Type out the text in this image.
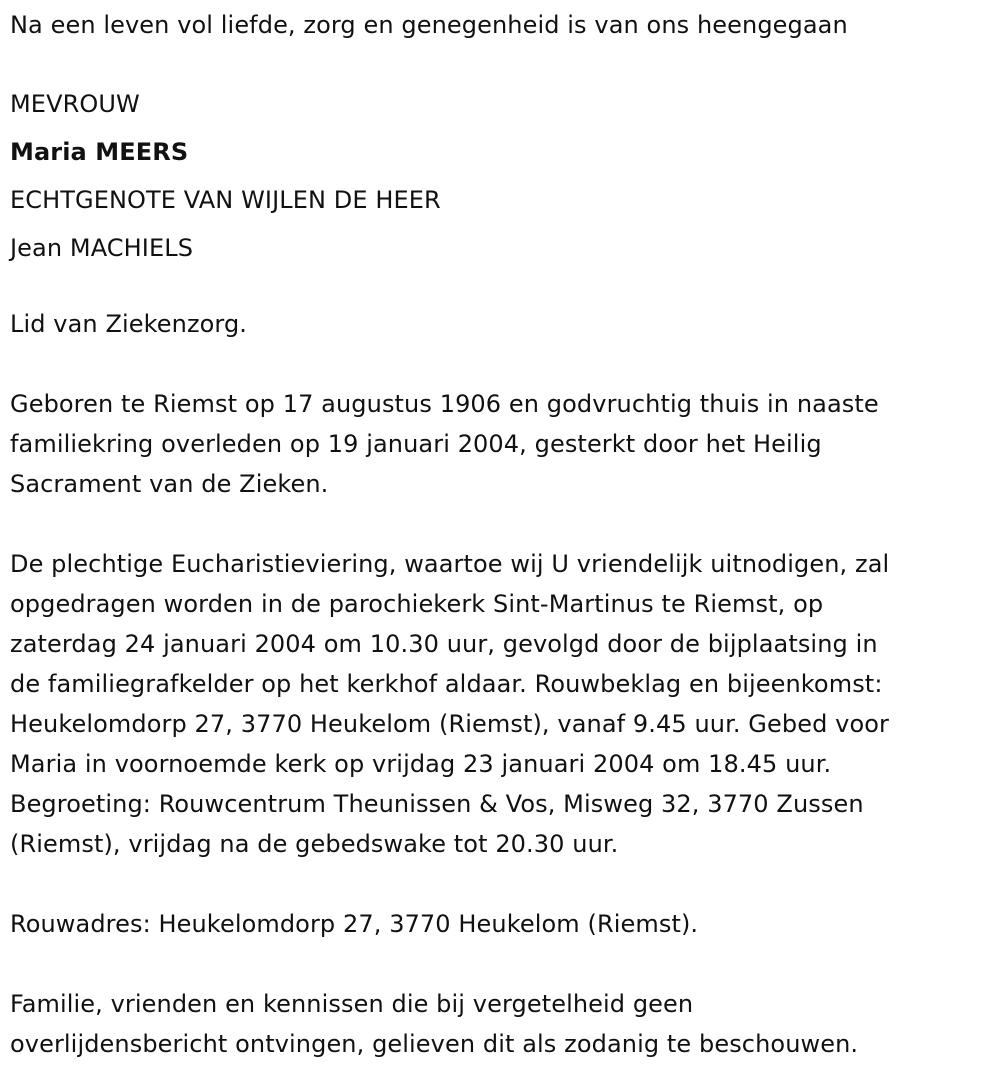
Na een leven vol liefde, zorg en genegenheid is van ons heengegaan
MEVROUW
Maria MEERS
ECHTGENOTE VAN WIJLEN DE HEER
Jean MACHIELS
Lid van Ziekenzorg.
Geboren te Riemst op 17 augustus 1906 en godvruchtig thuis in naaste
familiekring overleden op 19 januari 2004, gesterkt door het Heilig
Sacrament van de Zieken.
De plechtige Eucharistieviering, waartoe wij U vriendelijk uitnodigen, zal
opgedragen worden in de parochiekerk Sint-Martinus te Riemst, op
zaterdag 24 januari 2004 om 10.30 uur, gevolgd door de bijplaatsing in
de familiegrafkelder op het kerkhof aldaar. Rouwbeklag en bijeenkomst:
Heukelomdorp 27, 3770 Heukelom (Riemst), vanaf 9.45 uur. Gebed voor
Maria in voornoemde kerk op vrijdag 23 januari 2004 om 18.45 uur.
Begroeting: Rouwcentrum Theunissen & Vos, Misweg 32, 3770 Zussen
(Riemst), vrijdag na de gebedswake tot 20.30 uur.
Rouwadres: Heukelomdorp 27, 3770 Heukelom (Riemst).
Familie, vrienden en kennissen die bij vergetelheid geen
overlijdensbericht ontvingen, gelieven dit als zodanig te beschouwen.
